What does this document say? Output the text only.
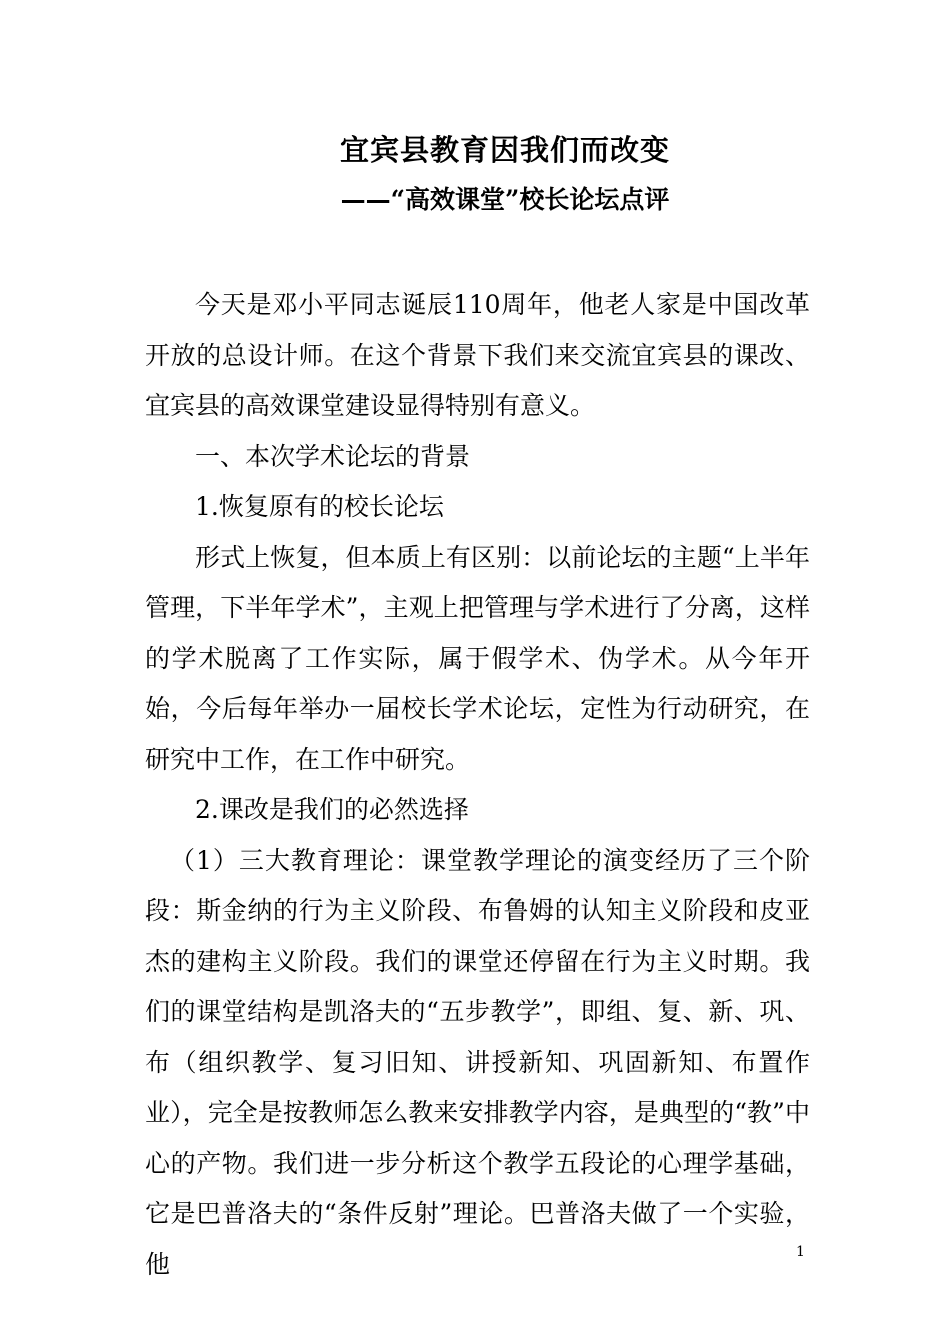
宜宾县教育因我们而改变
——“高效课堂”校长论坛点评

今天是邓小平同志诞辰110周年，他老人家是中国改革开放的总设计师。在这个背景下我们来交流宜宾县的课改、宜宾县的高效课堂建设显得特别有意义。

一、本次学术论坛的背景

1.恢复原有的校长论坛

形式上恢复，但本质上有区别：以前论坛的主题“上半年管理，下半年学术”，主观上把管理与学术进行了分离，这样的学术脱离了工作实际，属于假学术、伪学术。从今年开始，今后每年举办一届校长学术论坛，定性为行动研究，在研究中工作，在工作中研究。

2.课改是我们的必然选择

（1）三大教育理论：课堂教学理论的演变经历了三个阶段：斯金纳的行为主义阶段、布鲁姆的认知主义阶段和皮亚杰的建构主义阶段。我们的课堂还停留在行为主义时期。我们的课堂结构是凯洛夫的“五步教学”，即组、复、新、巩、布（组织教学、复习旧知、讲授新知、巩固新知、布置作业），完全是按教师怎么教来安排教学内容，是典型的“教”中心的产物。我们进一步分析这个教学五段论的心理学基础，它是巴普洛夫的“条件反射”理论。巴普洛夫做了一个实验，他	1
